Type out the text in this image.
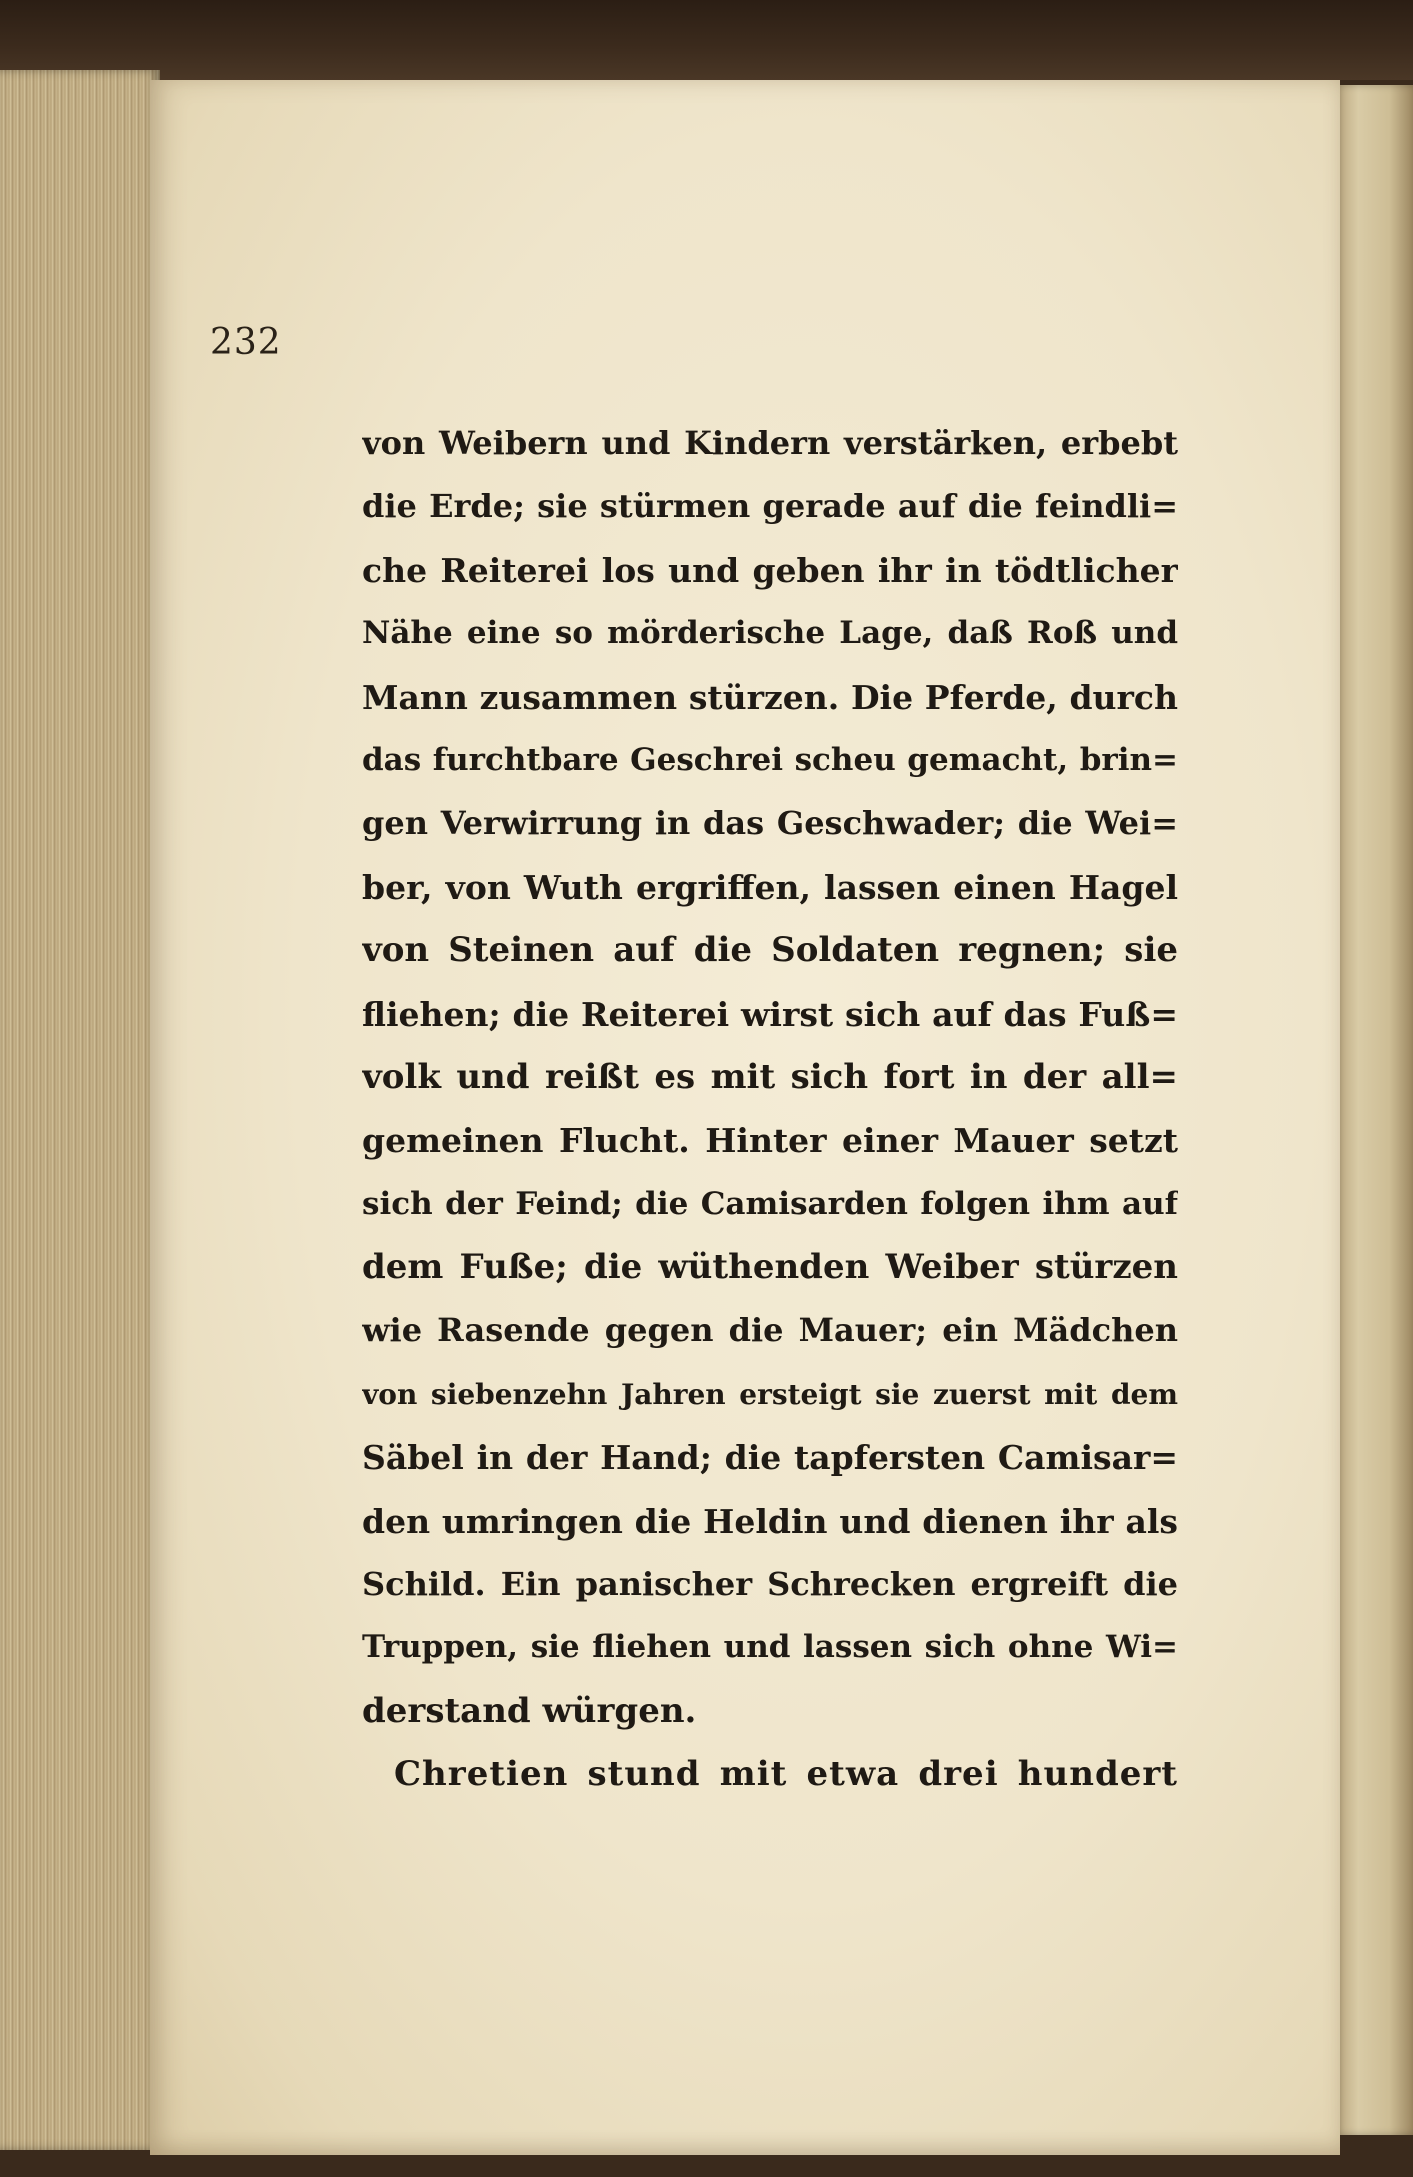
232
von Weibern und Kindern verstärken, erbebt
die Erde; sie stürmen gerade auf die feindli=
che Reiterei los und geben ihr in tödtlicher
Nähe eine so mörderische Lage, daß Roß und
Mann zusammen stürzen. Die Pferde, durch
das furchtbare Geschrei scheu gemacht, brin=
gen Verwirrung in das Geschwader; die Wei=
ber, von Wuth ergriffen, lassen einen Hagel
von Steinen auf die Soldaten regnen; sie
fliehen; die Reiterei wirst sich auf das Fuß=
volk und reißt es mit sich fort in der all=
gemeinen Flucht. Hinter einer Mauer setzt
sich der Feind; die Camisarden folgen ihm auf
dem Fuße; die wüthenden Weiber stürzen
wie Rasende gegen die Mauer; ein Mädchen
von siebenzehn Jahren ersteigt sie zuerst mit dem
Säbel in der Hand; die tapfersten Camisar=
den umringen die Heldin und dienen ihr als
Schild. Ein panischer Schrecken ergreift die
Truppen, sie fliehen und lassen sich ohne Wi=
derstand würgen.
Chretien stund mit etwa drei hundert
